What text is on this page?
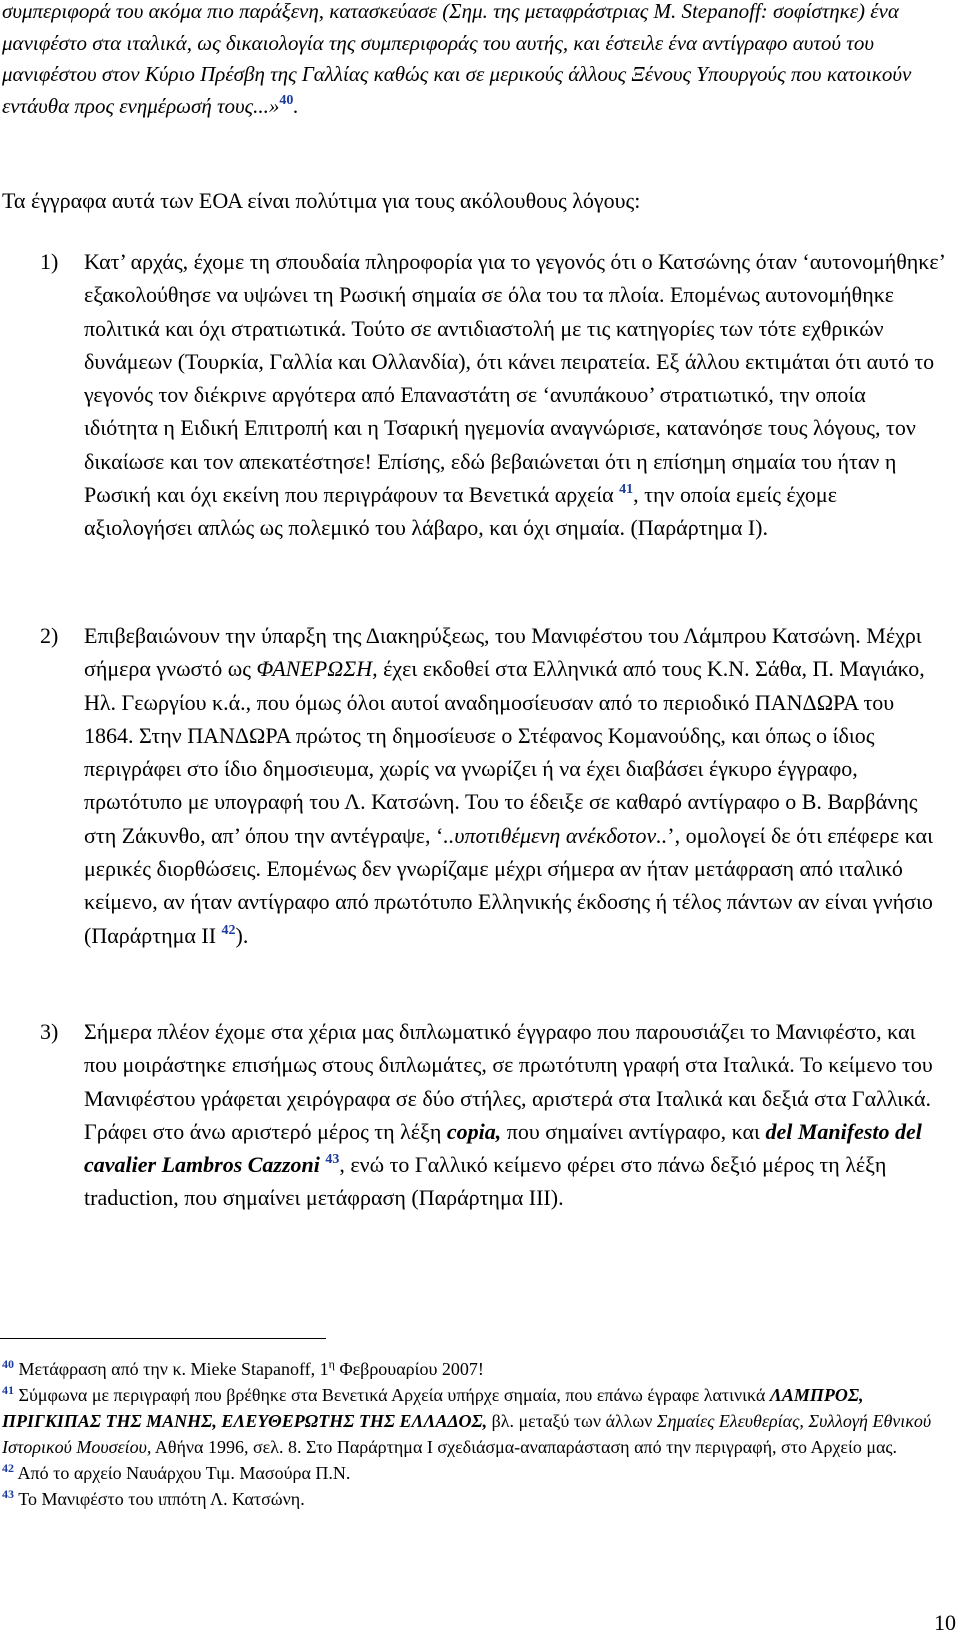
συμπεριφορά του ακόμα πιο παράξενη, κατασκεύασε (Σημ. της μεταφράστριας M. Stepanoff: σοφίστηκε) ένα μανιφέστο στα ιταλικά, ως δικαιολογία της συμπεριφοράς του αυτής, και έστειλε ένα αντίγραφο αυτού του μανιφέστου στον Κύριο Πρέσβη της Γαλλίας καθώς και σε μερικούς άλλους Ξένους Υπουργούς που κατοικούν εντάυθα προς ενημέρωσή τους...»$^{40}$.
Τα έγγραφα αυτά των ΕΟΑ είναι πολύτιμα για τους ακόλουθους λόγους:
1)	Κατ’ αρχάς, έχομε τη σπουδαία πληροφορία για το γεγονός ότι ο Κατσώνης όταν ‘αυτονομήθηκε’ εξακολούθησε να υψώνει τη Ρωσική σημαία σε όλα του τα πλοία. Επομένως αυτονομήθηκε πολιτικά και όχι στρατιωτικά. Τούτο σε αντιδιαστολή με τις κατηγορίες των τότε εχθρικών δυνάμεων (Τουρκία, Γαλλία και Ολλανδία), ότι κάνει πειρατεία. Εξ άλλου εκτιμάται ότι αυτό το γεγονός τον διέκρινε αργότερα από Επαναστάτη σε ‘ανυπάκουο’ στρατιωτικό, την οποία ιδιότητα η Ειδική Επιτροπή και η Τσαρική ηγεμονία αναγνώρισε, κατανόησε τους λόγους, τον δικαίωσε και τον απεκατέστησε! Επίσης, εδώ βεβαιώνεται ότι η επίσημη σημαία του ήταν η Ρωσική και όχι εκείνη που περιγράφουν τα Βενετικά αρχεία $^{41}$, την οποία εμείς έχομε αξιολογήσει απλώς ως πολεμικό του λάβαρο, και όχι σημαία. (Παράρτημα Ι).
2)	Επιβεβαιώνουν την ύπαρξη της Διακηρύξεως, του Μανιφέστου του Λάμπρου Κατσώνη. Μέχρι σήμερα γνωστό ως ΦΑΝΕΡΩΣΗ, έχει εκδοθεί στα Ελληνικά από τους Κ.Ν. Σάθα, Π. Μαγιάκο, Ηλ. Γεωργίου κ.ά., που όμως όλοι αυτοί αναδημοσίευσαν από το περιοδικό ΠΑΝΔΩΡΑ του 1864. Στην ΠΑΝΔΩΡΑ πρώτος τη δημοσίευσε ο Στέφανος Κομανούδης, και όπως ο ίδιος περιγράφει στο ίδιο δημοσιευμα, χωρίς να γνωρίζει ή να έχει διαβάσει έγκυρο έγγραφο, πρωτότυπο με υπογραφή του Λ. Κατσώνη. Του το έδειξε σε καθαρό αντίγραφο ο Β. Βαρβάνης στη Ζάκυνθο, απ’ όπου την αντέγραψε, ‘..υποτιθέμενη ανέκδοτον..’, ομολογεί δε ότι επέφερε και μερικές διορθώσεις. Επομένως δεν γνωρίζαμε μέχρι σήμερα αν ήταν μετάφραση από ιταλικό κείμενο, αν ήταν αντίγραφο από πρωτότυπο Ελληνικής έκδοσης ή τέλος πάντων αν είναι γνήσιο (Παράρτημα ΙΙ $^{42}$).
3)	Σήμερα πλέον έχομε στα χέρια μας διπλωματικό έγγραφο που παρουσιάζει το Μανιφέστο, και που μοιράστηκε επισήμως στους διπλωμάτες, σε πρωτότυπη γραφή στα Ιταλικά. Το κείμενο του Μανιφέστου γράφεται χειρόγραφα σε δύο στήλες, αριστερά στα Ιταλικά και δεξιά στα Γαλλικά. Γράφει στο άνω αριστερό μέρος τη λέξη copia, που σημαίνει αντίγραφο, και del Manifesto del cavalier Lambros Cazzoni $^{43}$, ενώ το Γαλλικό κείμενο φέρει στο πάνω δεξιό μέρος τη λέξη traduction, που σημαίνει μετάφραση (Παράρτημα ΙΙΙ).

$^{40}$ Μετάφραση από την κ. Mieke Stapanoff, $1^\eta$ Φεβρουαρίου 2007!

$^{41}$ Σύμφωνα με περιγραφή που βρέθηκε στα Βενετικά Αρχεία υπήρχε σημαία, που επάνω έγραφε λατινικά ΛΑΜΠΡΟΣ, ΠΡΙΓΚΙΠΑΣ ΤΗΣ ΜΑΝΗΣ, ΕΛΕΥΘΕΡΩΤΗΣ ΤΗΣ ΕΛΛΑΔΟΣ, βλ. μεταξύ των άλλων Σημαίες Ελευθερίας, Συλλογή Εθνικού Ιστορικού Μουσείου, Αθήνα 1996, σελ. 8. Στο Παράρτημα Ι σχεδιάσμα-αναπαράσταση από την περιγραφή, στο Αρχείο μας.

$^{42}$ Από το αρχείο Ναυάρχου Τιμ. Μασούρα Π.Ν.

$^{43}$ Το Μανιφέστο του ιππότη Λ. Κατσώνη.

10
